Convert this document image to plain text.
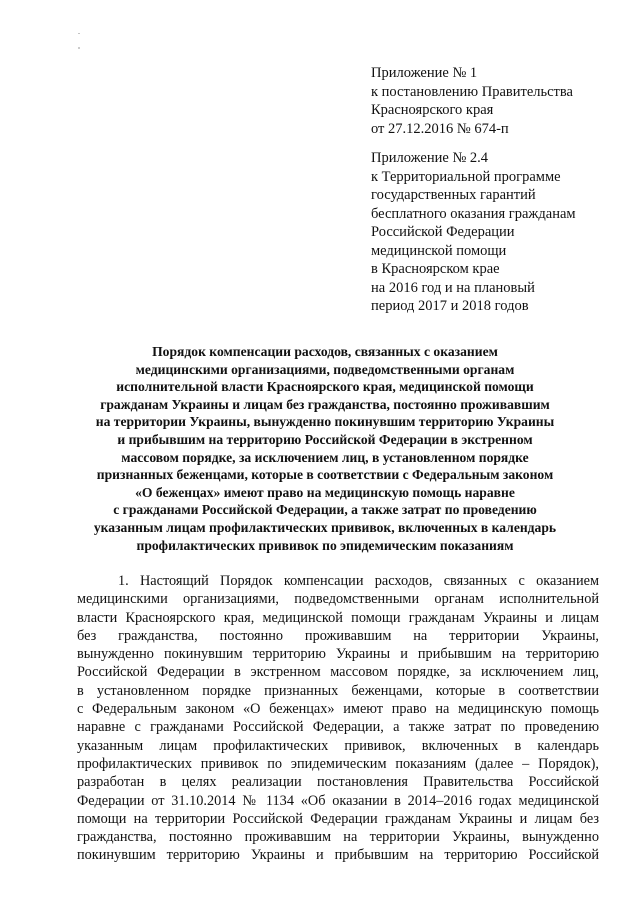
Приложение № 1
к постановлению Правительства
Красноярского края
от 27.12.2016 № 674-п
Приложение № 2.4
к Территориальной программе
государственных гарантий
бесплатного оказания гражданам
Российской Федерации
медицинской помощи
в Красноярском крае
на 2016 год и на плановый
период 2017 и 2018 годов
Порядок компенсации расходов, связанных с оказанием
медицинскими организациями, подведомственными органам
исполнительной власти Красноярского края, медицинской помощи
гражданам Украины и лицам без гражданства, постоянно проживавшим
на территории Украины, вынужденно покинувшим территорию Украины
и прибывшим на территорию Российской Федерации в экстренном
массовом порядке, за исключением лиц, в установленном порядке
признанных беженцами, которые в соответствии с Федеральным законом
«О беженцах» имеют право на медицинскую помощь наравне
с гражданами Российской Федерации, а также затрат по проведению
указанным лицам профилактических прививок, включенных в календарь
профилактических прививок по эпидемическим показаниям
1. Настоящий Порядок компенсации расходов, связанных с оказанием
медицинскими организациями, подведомственными органам исполнительной
власти Красноярского края, медицинской помощи гражданам Украины и лицам
без гражданства, постоянно проживавшим на территории Украины,
вынужденно покинувшим территорию Украины и прибывшим на территорию
Российской Федерации в экстренном массовом порядке, за исключением лиц,
в установленном порядке признанных беженцами, которые в соответствии
с Федеральным законом «О беженцах» имеют право на медицинскую помощь
наравне с гражданами Российской Федерации, а также затрат по проведению
указанным лицам профилактических прививок, включенных в календарь
профилактических прививок по эпидемическим показаниям (далее – Порядок),
разработан в целях реализации постановления Правительства Российской
Федерации от 31.10.2014 № 1134 «Об оказании в 2014–2016 годах медицинской
помощи на территории Российской Федерации гражданам Украины и лицам без
гражданства, постоянно проживавшим на территории Украины, вынужденно
покинувшим территорию Украины и прибывшим на территорию Российской
